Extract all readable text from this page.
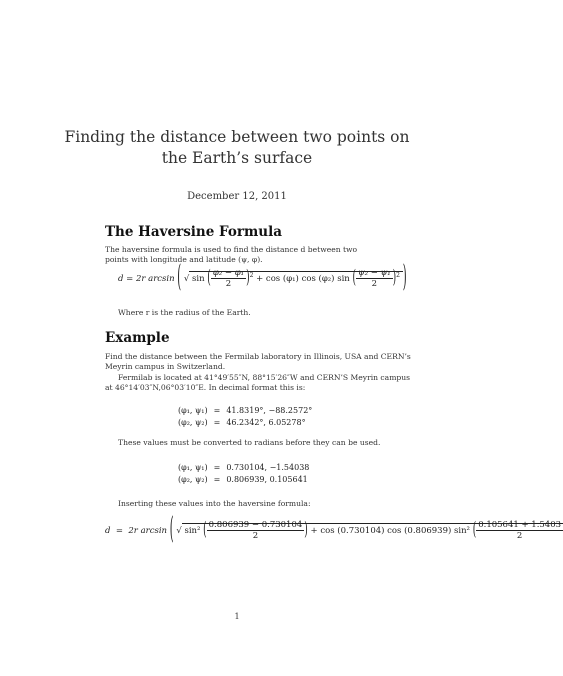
Finding the distance between two points on the Earth’s surface
December 12, 2011
The Haversine Formula
The haversine formula is used to find the distance d between two points with longitude and latitude (ψ, φ).
d = 2r arcsin ( √ sin ( $\frac{\text{φ₂ − φ₁}}{2} )^2 + \cos (\varphi_1)$ cos (φ₂) sin ( $\frac{\text{ψ₂ − ψ₁}}{2} )^2$ )
Where r is the radius of the Earth.
Example
Find the distance between the Fermilab laboratory in Illinois, USA and CERN’s
Meyrin campus in Switzerland.
Fermilab is located at 41°49′55″N, 88°15′26″W and CERN’S Meyrin campus
at 46°14′03″N,06°03′10″E. In decimal format this is:
(φ₁, ψ₁)	=	41.8319°, −88.2572°
(φ₂, ψ₂)	=	46.2342°, 6.05278°
These values must be converted to radians before they can be used.
(φ₁, ψ₁)	=	0.730104, −1.54038
(φ₂, ψ₂)	=	0.806939, 0.105641
Inserting these values into the haversine formula:
d = 2r arcsin ( √ sin² ( $\frac{0.806939 - 0.730104}{2}$ ) + cos (0.730104) cos (0.806939) sin² ( $\frac{0.105641 + 1.5403}{2}$
1
